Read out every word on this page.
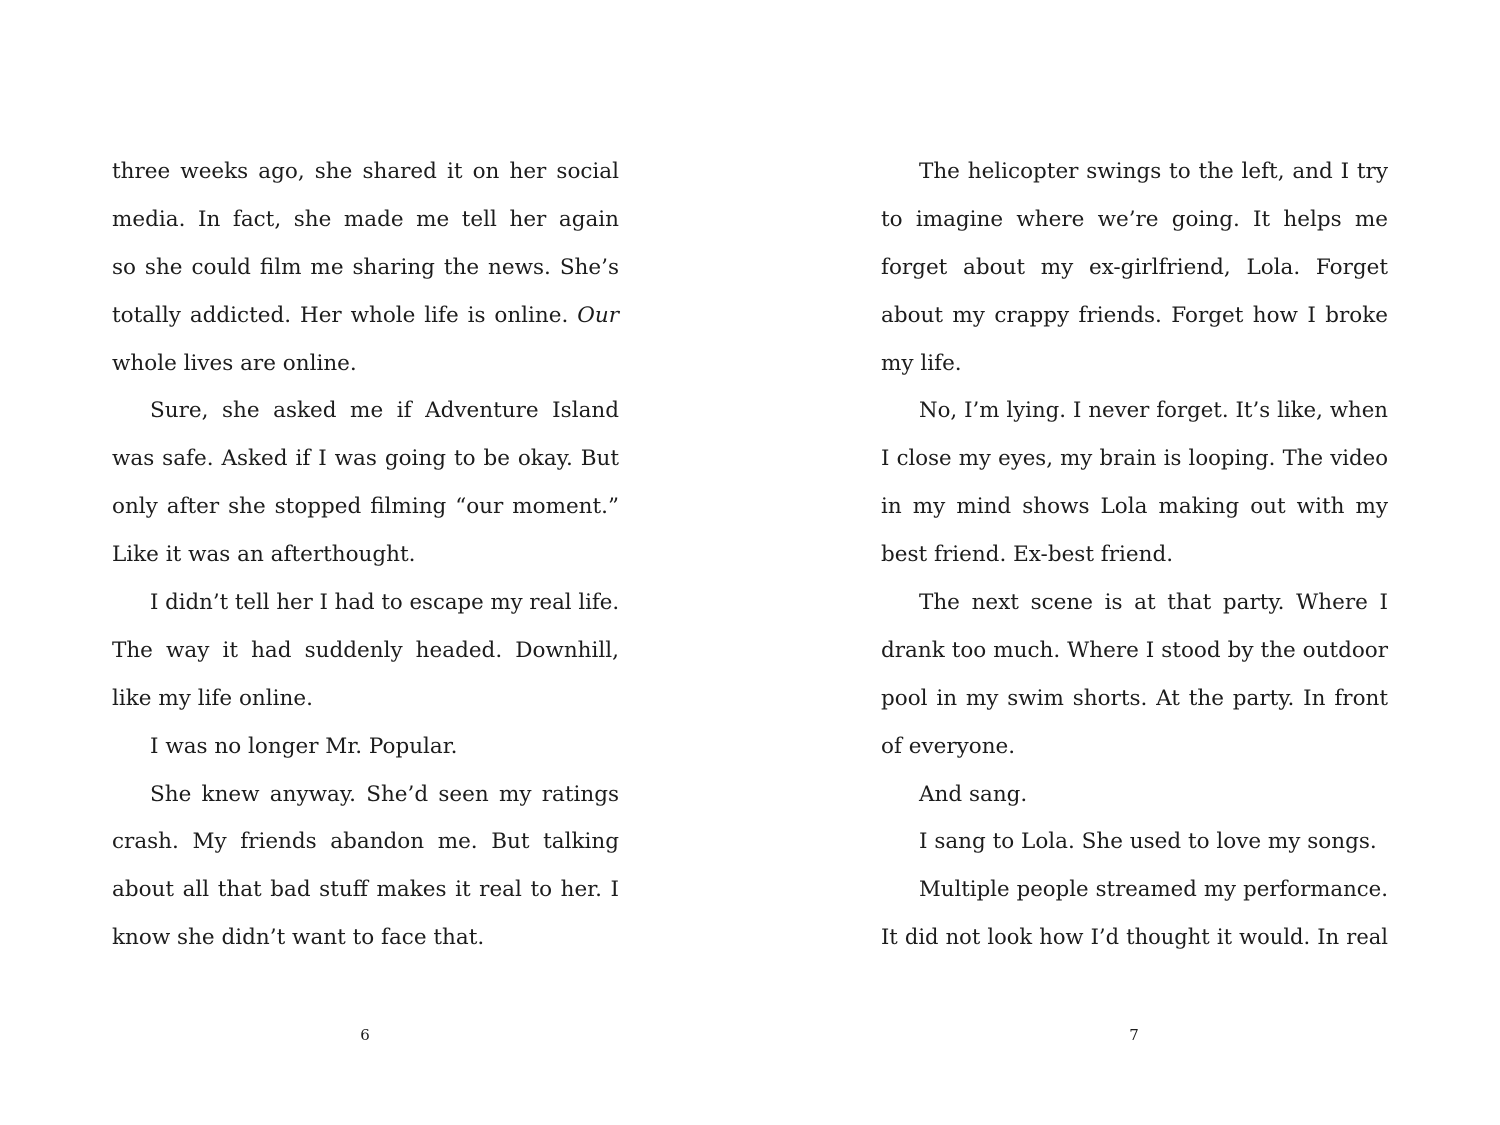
three weeks ago, she shared it on her social
media. In fact, she made me tell her again
so she could film me sharing the news. She’s
totally addicted. Her whole life is online. Our
whole lives are online.
Sure, she asked me if Adventure Island
was safe. Asked if I was going to be okay. But
only after she stopped filming “our moment.”
Like it was an afterthought.
I didn’t tell her I had to escape my real life.
The way it had suddenly headed. Downhill,
like my life online.
I was no longer Mr. Popular.
She knew anyway. She’d seen my ratings
crash. My friends abandon me. But talking
about all that bad stuff makes it real to her. I
know she didn’t want to face that.
6
The helicopter swings to the left, and I try
to imagine where we’re going. It helps me
forget about my ex-girlfriend, Lola. Forget
about my crappy friends. Forget how I broke
my life.
No, I’m lying. I never forget. It’s like, when
I close my eyes, my brain is looping. The video
in my mind shows Lola making out with my
best friend. Ex-best friend.
The next scene is at that party. Where I
drank too much. Where I stood by the outdoor
pool in my swim shorts. At the party. In front
of everyone.
And sang.
I sang to Lola. She used to love my songs.
Multiple people streamed my performance.
It did not look how I’d thought it would. In real
7
